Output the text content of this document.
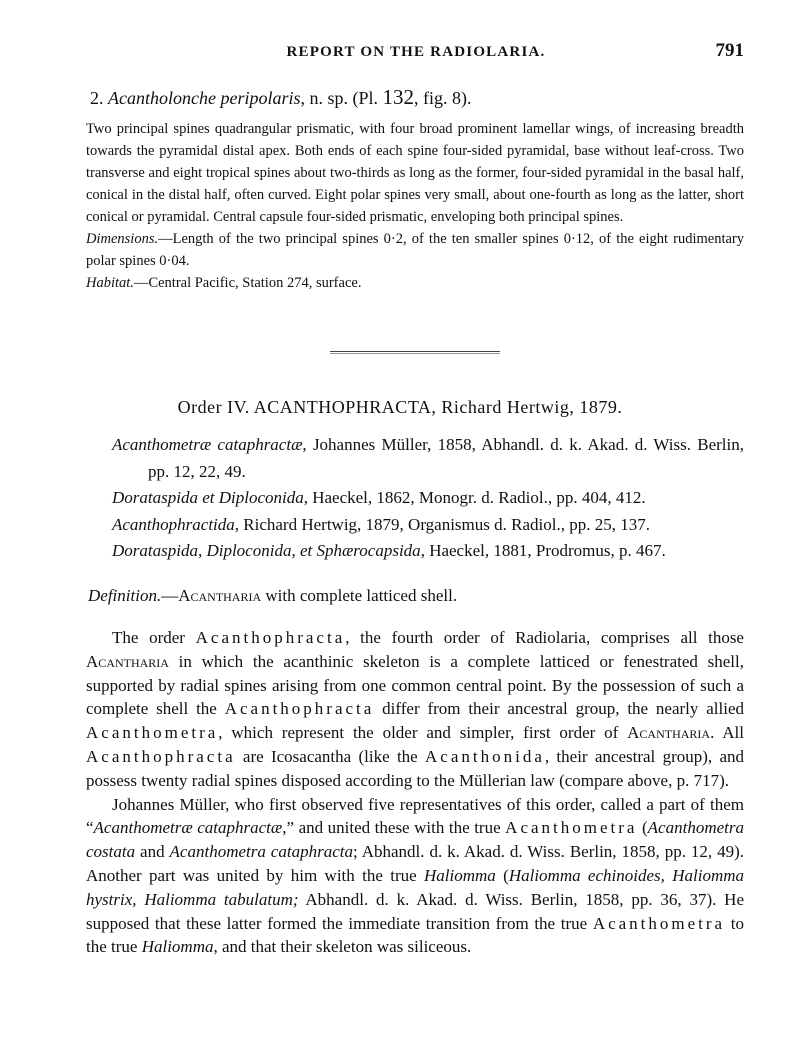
REPORT ON THE RADIOLARIA.	791
2. Acantholonche peripolaris, n. sp. (Pl. 132, fig. 8).

Two principal spines quadrangular prismatic, with four broad prominent lamellar wings, of increasing breadth towards the pyramidal distal apex. Both ends of each spine four-sided pyramidal, base without leaf-cross. Two transverse and eight tropical spines about two-thirds as long as the former, four-sided pyramidal in the basal half, conical in the distal half, often curved. Eight polar spines very small, about one-fourth as long as the latter, short conical or pyramidal. Central capsule four-sided prismatic, enveloping both principal spines.

Dimensions.—Length of the two principal spines 0·2, of the ten smaller spines 0·12, of the eight rudimentary polar spines 0·04.

Habitat.—Central Pacific, Station 274, surface.

Order IV. ACANTHOPHRACTA, Richard Hertwig, 1879.

Acanthometræ cataphractæ, Johannes Müller, 1858, Abhandl. d. k. Akad. d. Wiss. Berlin, pp. 12, 22, 49.

Dorataspida et Diploconida, Haeckel, 1862, Monogr. d. Radiol., pp. 404, 412.

Acanthophractida, Richard Hertwig, 1879, Organismus d. Radiol., pp. 25, 137.

Dorataspida, Diploconida, et Sphærocapsida, Haeckel, 1881, Prodromus, p. 467.

Definition.—Acantharia with complete latticed shell.

The order Acanthophracta, the fourth order of Radiolaria, comprises all those Acantharia in which the acanthinic skeleton is a complete latticed or fenestrated shell, supported by radial spines arising from one common central point. By the possession of such a complete shell the Acanthophracta differ from their ancestral group, the nearly allied Acanthometra, which represent the older and simpler, first order of Acantharia. All Acanthophracta are Icosacantha (like the Acanthonida, their ancestral group), and possess twenty radial spines disposed according to the Müllerian law (compare above, p. 717).

Johannes Müller, who first observed five representatives of this order, called a part of them “Acanthometræ cataphractæ,” and united these with the true Acanthometra (Acanthometra costata and Acanthometra cataphracta; Abhandl. d. k. Akad. d. Wiss. Berlin, 1858, pp. 12, 49). Another part was united by him with the true Haliomma (Haliomma echinoides, Haliomma hystrix, Haliomma tabulatum; Abhandl. d. k. Akad. d. Wiss. Berlin, 1858, pp. 36, 37). He supposed that these latter formed the immediate transition from the true Acanthometra to the true Haliomma, and that their skeleton was siliceous.
